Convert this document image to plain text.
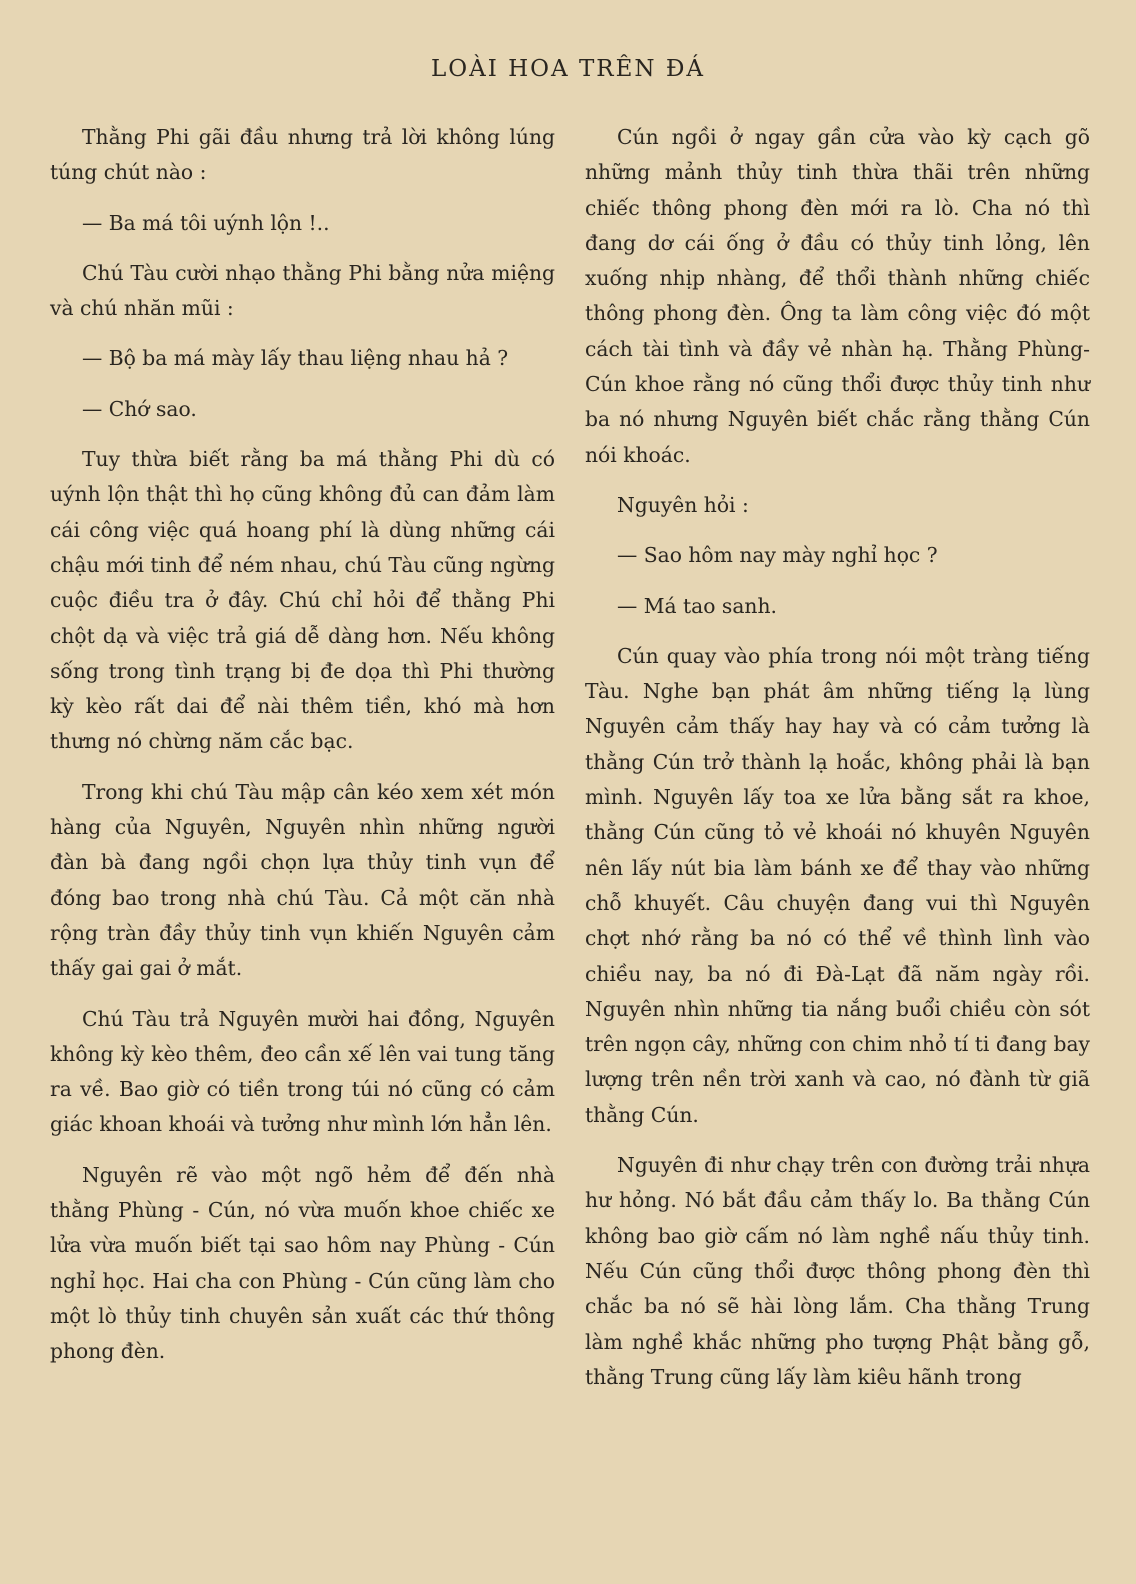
LOÀI HOA TRÊN ĐÁ

Thằng Phi gãi đầu nhưng trả lời không lúng túng chút nào :

— Ba má tôi uýnh lộn !..

Chú Tàu cười nhạo thằng Phi bằng nửa miệng và chú nhăn mũi :

— Bộ ba má mày lấy thau liệng nhau hả ?

— Chớ sao.

Tuy thừa biết rằng ba má thằng Phi dù có uýnh lộn thật thì họ cũng không đủ can đảm làm cái công việc quá hoang phí là dùng những cái chậu mới tinh để ném nhau, chú Tàu cũng ngừng cuộc điều tra ở đây. Chú chỉ hỏi để thằng Phi chột dạ và việc trả giá dễ dàng hơn. Nếu không sống trong tình trạng bị đe dọa thì Phi thường kỳ kèo rất dai để nài thêm tiền, khó mà hơn thưng nó chừng năm cắc bạc.

Trong khi chú Tàu mập cân kéo xem xét món hàng của Nguyên, Nguyên nhìn những người đàn bà đang ngồi chọn lựa thủy tinh vụn để đóng bao trong nhà chú Tàu. Cả một căn nhà rộng tràn đầy thủy tinh vụn khiến Nguyên cảm thấy gai gai ở mắt.

Chú Tàu trả Nguyên mười hai đồng, Nguyên không kỳ kèo thêm, đeo cần xế lên vai tung tăng ra về. Bao giờ có tiền trong túi nó cũng có cảm giác khoan khoái và tưởng như mình lớn hẳn lên.

Nguyên rẽ vào một ngõ hẻm để đến nhà thằng Phùng - Cún, nó vừa muốn khoe chiếc xe lửa vừa muốn biết tại sao hôm nay Phùng - Cún nghỉ học. Hai cha con Phùng - Cún cũng làm cho một lò thủy tinh chuyên sản xuất các thứ thông phong đèn.

Cún ngồi ở ngay gần cửa vào kỳ cạch gõ những mảnh thủy tinh thừa thãi trên những chiếc thông phong đèn mới ra lò. Cha nó thì đang dơ cái ống ở đầu có thủy tinh lỏng, lên xuống nhịp nhàng, để thổi thành những chiếc thông phong đèn. Ông ta làm công việc đó một cách tài tình và đầy vẻ nhàn hạ. Thằng Phùng-Cún khoe rằng nó cũng thổi được thủy tinh như ba nó nhưng Nguyên biết chắc rằng thằng Cún nói khoác.

Nguyên hỏi :

— Sao hôm nay mày nghỉ học ?

— Má tao sanh.

Cún quay vào phía trong nói một tràng tiếng Tàu. Nghe bạn phát âm những tiếng lạ lùng Nguyên cảm thấy hay hay và có cảm tưởng là thằng Cún trở thành lạ hoắc, không phải là bạn mình. Nguyên lấy toa xe lửa bằng sắt ra khoe, thằng Cún cũng tỏ vẻ khoái nó khuyên Nguyên nên lấy nút bia làm bánh xe để thay vào những chỗ khuyết. Câu chuyện đang vui thì Nguyên chợt nhớ rằng ba nó có thể về thình lình vào chiều nay, ba nó đi Đà-Lạt đã năm ngày rồi. Nguyên nhìn những tia nắng buổi chiều còn sót trên ngọn cây, những con chim nhỏ tí ti đang bay lượng trên nền trời xanh và cao, nó đành từ giã thằng Cún.

Nguyên đi như chạy trên con đường trải nhựa hư hỏng. Nó bắt đầu cảm thấy lo. Ba thằng Cún không bao giờ cấm nó làm nghề nấu thủy tinh. Nếu Cún cũng thổi được thông phong đèn thì chắc ba nó sẽ hài lòng lắm. Cha thằng Trung làm nghề khắc những pho tượng Phật bằng gỗ, thằng Trung cũng lấy làm kiêu hãnh trong
